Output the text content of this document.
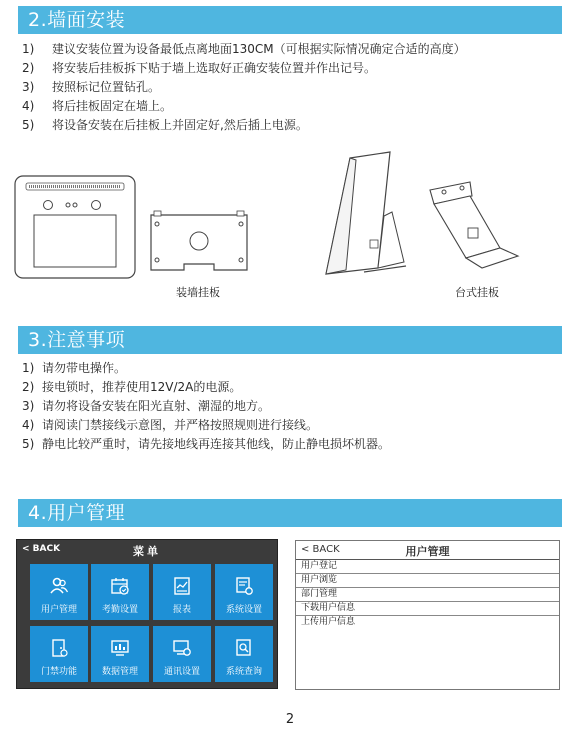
2.墙面安装
1)	建议安装位置为设备最低点离地面130CM（可根据实际情况确定合适的高度）
2)	将安装后挂板拆下贴于墙上选取好正确安装位置并作出记号。
3)	按照标记位置钻孔。
4)	将后挂板固定在墙上。
5)	将设备安装在后挂板上并固定好,然后插上电源。
装墙挂板	台式挂板
3.注意事项
1) 请勿带电操作。
2) 接电锁时，推荐使用12V/2A的电源。
3) 请勿将设备安装在阳光直射、潮湿的地方。
4) 请阅读门禁接线示意图，并严格按照规则进行接线。
5) 静电比较严重时，请先接地线再连接其他线，防止静电损坏机器。
4.用户管理
< BACK	菜单
用户管理	考勤设置	报表	系统设置
门禁功能	数据管理	通讯设置	系统查询
< BACK	用户管理
用户登记
用户浏览
部门管理
下载用户信息
上传用户信息
2
